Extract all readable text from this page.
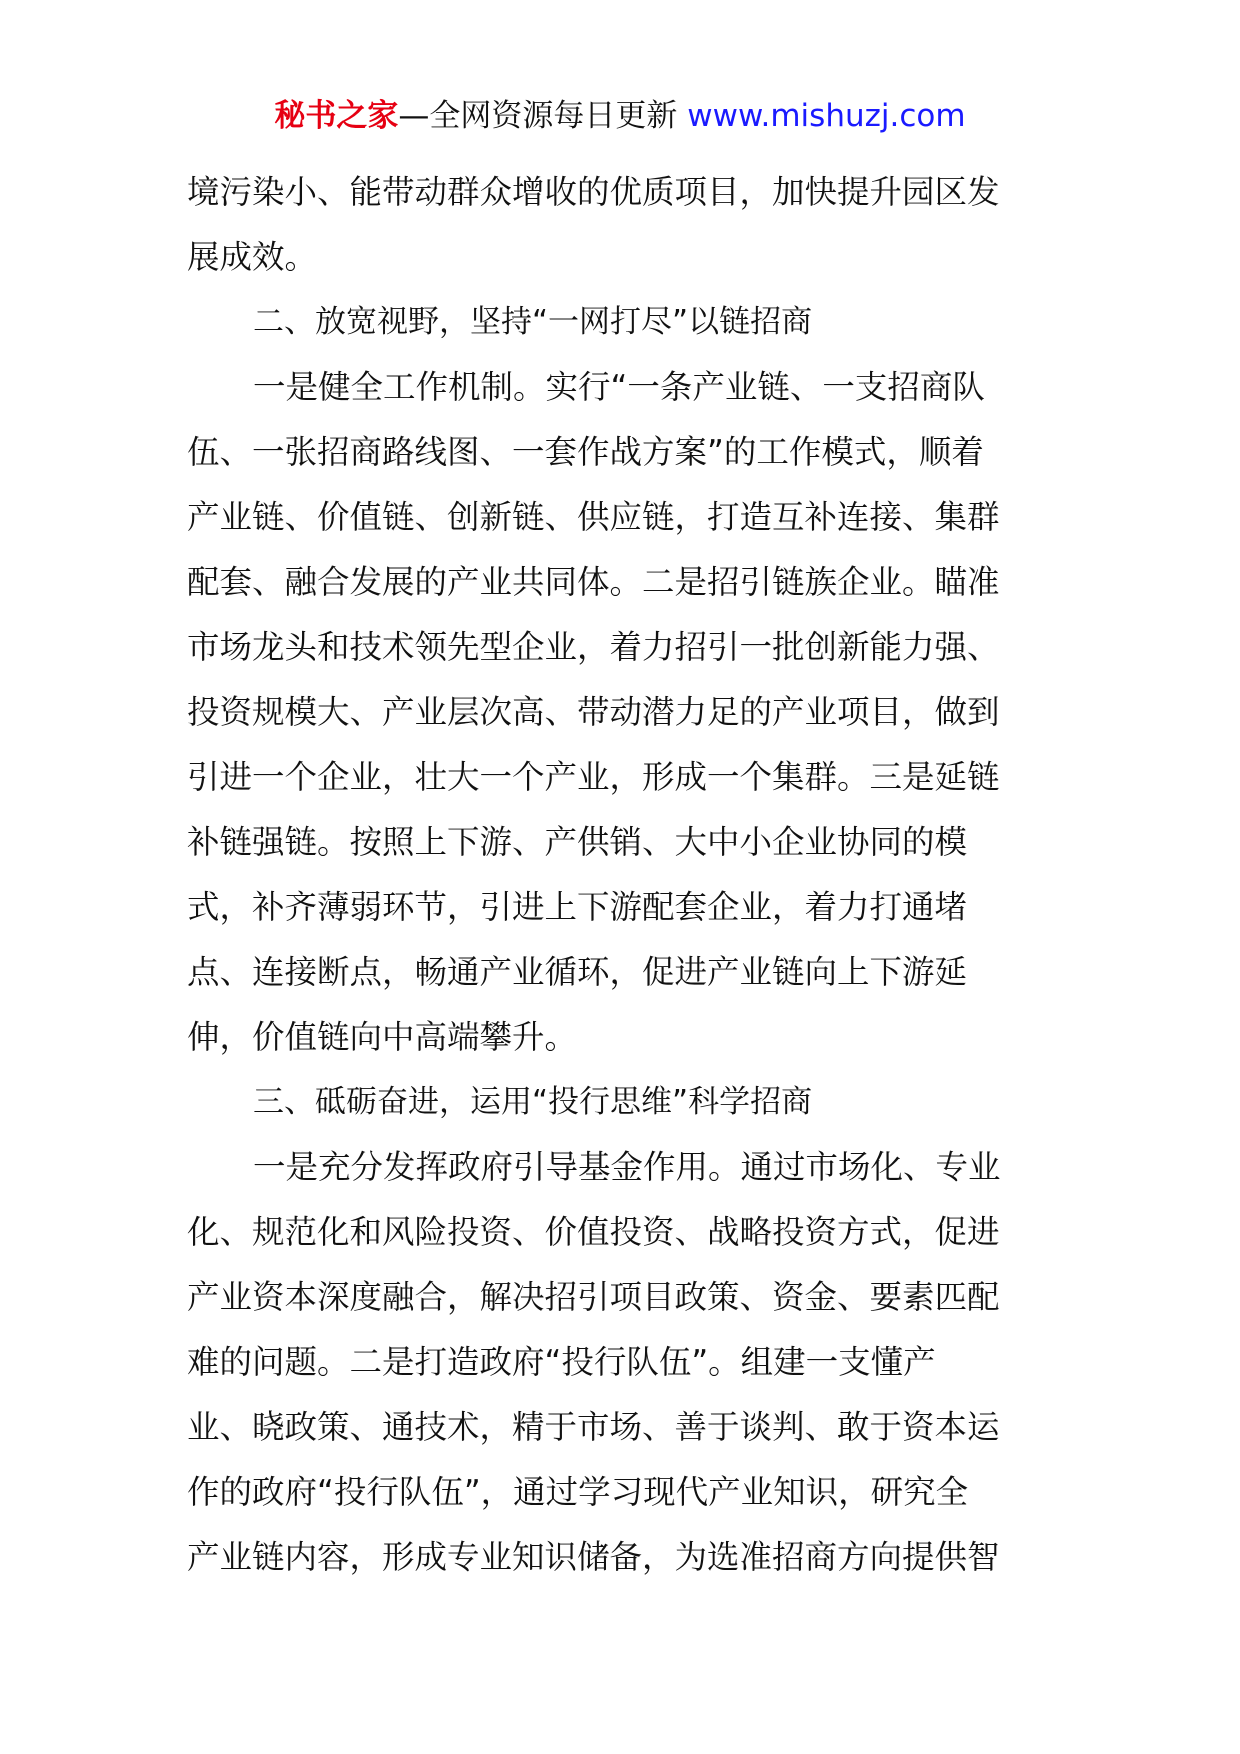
秘书之家—全网资源每日更新 www.mishuzj.com
境污染小、能带动群众增收的优质项目，加快提升园区发
展成效。
二、放宽视野，坚持“一网打尽”以链招商
一是健全工作机制。实行“一条产业链、一支招商队
伍、一张招商路线图、一套作战方案”的工作模式，顺着
产业链、价值链、创新链、供应链，打造互补连接、集群
配套、融合发展的产业共同体。二是招引链族企业。瞄准
市场龙头和技术领先型企业，着力招引一批创新能力强、
投资规模大、产业层次高、带动潜力足的产业项目，做到
引进一个企业，壮大一个产业，形成一个集群。三是延链
补链强链。按照上下游、产供销、大中小企业协同的模
式，补齐薄弱环节，引进上下游配套企业，着力打通堵
点、连接断点，畅通产业循环，促进产业链向上下游延
伸，价值链向中高端攀升。
三、砥砺奋进，运用“投行思维”科学招商
一是充分发挥政府引导基金作用。通过市场化、专业
化、规范化和风险投资、价值投资、战略投资方式，促进
产业资本深度融合，解决招引项目政策、资金、要素匹配
难的问题。二是打造政府“投行队伍”。组建一支懂产
业、晓政策、通技术，精于市场、善于谈判、敢于资本运
作的政府“投行队伍”，通过学习现代产业知识，研究全
产业链内容，形成专业知识储备，为选准招商方向提供智
